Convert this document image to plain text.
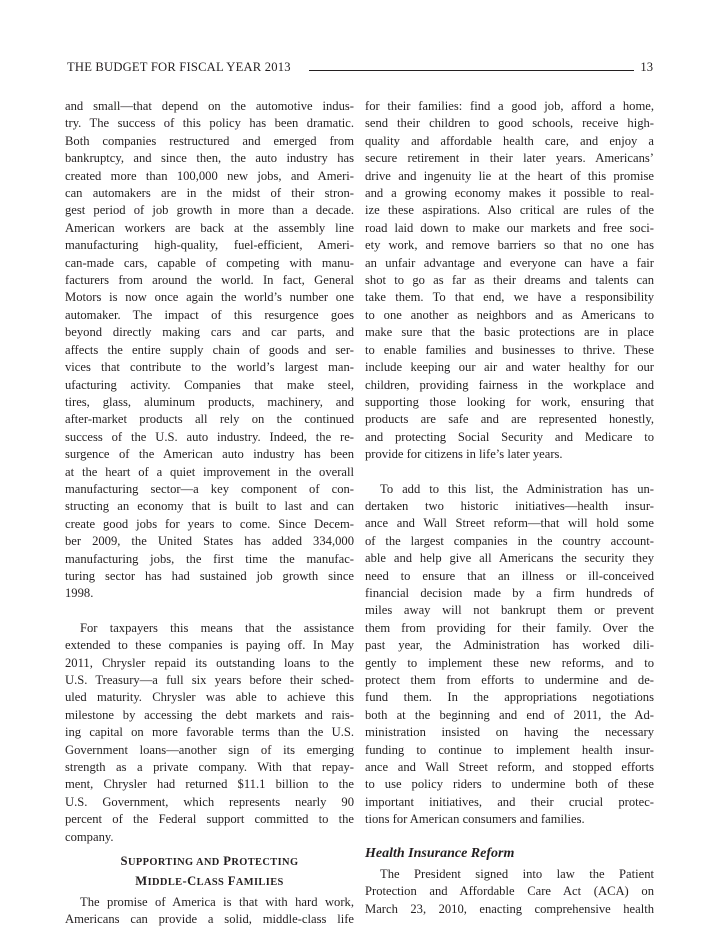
THE BUDGET FOR FISCAL YEAR 2013	13

and small—that depend on the automotive indus-

try. The success of this policy has been dramatic.

Both companies restructured and emerged from

bankruptcy, and since then, the auto industry has

created more than 100,000 new jobs, and Ameri-

can automakers are in the midst of their stron-

gest period of job growth in more than a decade.

American workers are back at the assembly line

manufacturing high-quality, fuel-efficient, Ameri-

can-made cars, capable of competing with manu-

facturers from around the world. In fact, General

Motors is now once again the world’s number one

automaker. The impact of this resurgence goes

beyond directly making cars and car parts, and

affects the entire supply chain of goods and ser-

vices that contribute to the world’s largest man-

ufacturing activity. Companies that make steel,

tires, glass, aluminum products, machinery, and

after-market products all rely on the continued

success of the U.S. auto industry. Indeed, the re-

surgence of the American auto industry has been

at the heart of a quiet improvement in the overall

manufacturing sector—a key component of con-

structing an economy that is built to last and can

create good jobs for years to come. Since Decem-

ber 2009, the United States has added 334,000

manufacturing jobs, the first time the manufac-

turing sector has had sustained job growth since

1998.

For taxpayers this means that the assistance

extended to these companies is paying off. In May

2011, Chrysler repaid its outstanding loans to the

U.S. Treasury—a full six years before their sched-

uled maturity. Chrysler was able to achieve this

milestone by accessing the debt markets and rais-

ing capital on more favorable terms than the U.S.

Government loans—another sign of its emerging

strength as a private company. With that repay-

ment, Chrysler had returned $11.1 billion to the

U.S. Government, which represents nearly 90

percent of the Federal support committed to the

company.

SUPPORTING AND PROTECTING
MIDDLE-CLASS FAMILIES

The promise of America is that with hard work,

Americans can provide a solid, middle-class life

for their families: find a good job, afford a home,

send their children to good schools, receive high-

quality and affordable health care, and enjoy a

secure retirement in their later years. Americans’

drive and ingenuity lie at the heart of this promise

and a growing economy makes it possible to real-

ize these aspirations. Also critical are rules of the

road laid down to make our markets and free soci-

ety work, and remove barriers so that no one has

an unfair advantage and everyone can have a fair

shot to go as far as their dreams and talents can

take them. To that end, we have a responsibility

to one another as neighbors and as Americans to

make sure that the basic protections are in place

to enable families and businesses to thrive. These

include keeping our air and water healthy for our

children, providing fairness in the workplace and

supporting those looking for work, ensuring that

products are safe and are represented honestly,

and protecting Social Security and Medicare to

provide for citizens in life’s later years.

To add to this list, the Administration has un-

dertaken two historic initiatives—health insur-

ance and Wall Street reform—that will hold some

of the largest companies in the country account-

able and help give all Americans the security they

need to ensure that an illness or ill-conceived

financial decision made by a firm hundreds of

miles away will not bankrupt them or prevent

them from providing for their family. Over the

past year, the Administration has worked dili-

gently to implement these new reforms, and to

protect them from efforts to undermine and de-

fund them. In the appropriations negotiations

both at the beginning and end of 2011, the Ad-

ministration insisted on having the necessary

funding to continue to implement health insur-

ance and Wall Street reform, and stopped efforts

to use policy riders to undermine both of these

important initiatives, and their crucial protec-

tions for American consumers and families.

Health Insurance Reform

The President signed into law the Patient

Protection and Affordable Care Act (ACA) on

March 23, 2010, enacting comprehensive health
